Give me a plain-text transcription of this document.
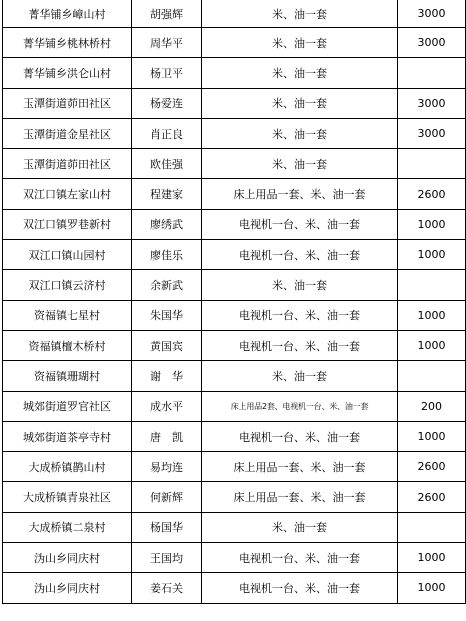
菁华铺乡嶂山村	胡强辉	米、油一套	3000
菁华铺乡桃林桥村	周华平	米、油一套	3000
菁华铺乡洪仑山村	杨卫平	米、油一套	
玉潭街道茆田社区	杨爱连	米、油一套	3000
玉潭街道金星社区	肖正良	米、油一套	3000
玉潭街道茆田社区	欧佳强	米、油一套	
双江口镇左家山村	程建家	床上用品一套、米、油一套	2600
双江口镇罗巷新村	廖绣武	电视机一台、米、油一套	1000
双江口镇山园村	廖佳乐	电视机一台、米、油一套	1000
双江口镇云济村	余新武	米、油一套	
资福镇七星村	朱国华	电视机一台、米、油一套	1000
资福镇檀木桥村	黄国宾	电视机一台、米、油一套	1000
资福镇珊瑚村	谢　华	米、油一套	
城郊街道罗官社区	成水平	床上用品2套、电视机一台、米、油一套	200
城郊街道茶亭寺村	唐　凯	电视机一台、米、油一套	1000
大成桥镇鹊山村	易均连	床上用品一套、米、油一套	2600
大成桥镇青泉社区	何新辉	床上用品一套、米、油一套	2600
大成桥镇二泉村	杨国华	米、油一套	
沩山乡同庆村	王国均	电视机一台、米、油一套	1000
沩山乡同庆村	姜石关	电视机一台、米、油一套	1000
